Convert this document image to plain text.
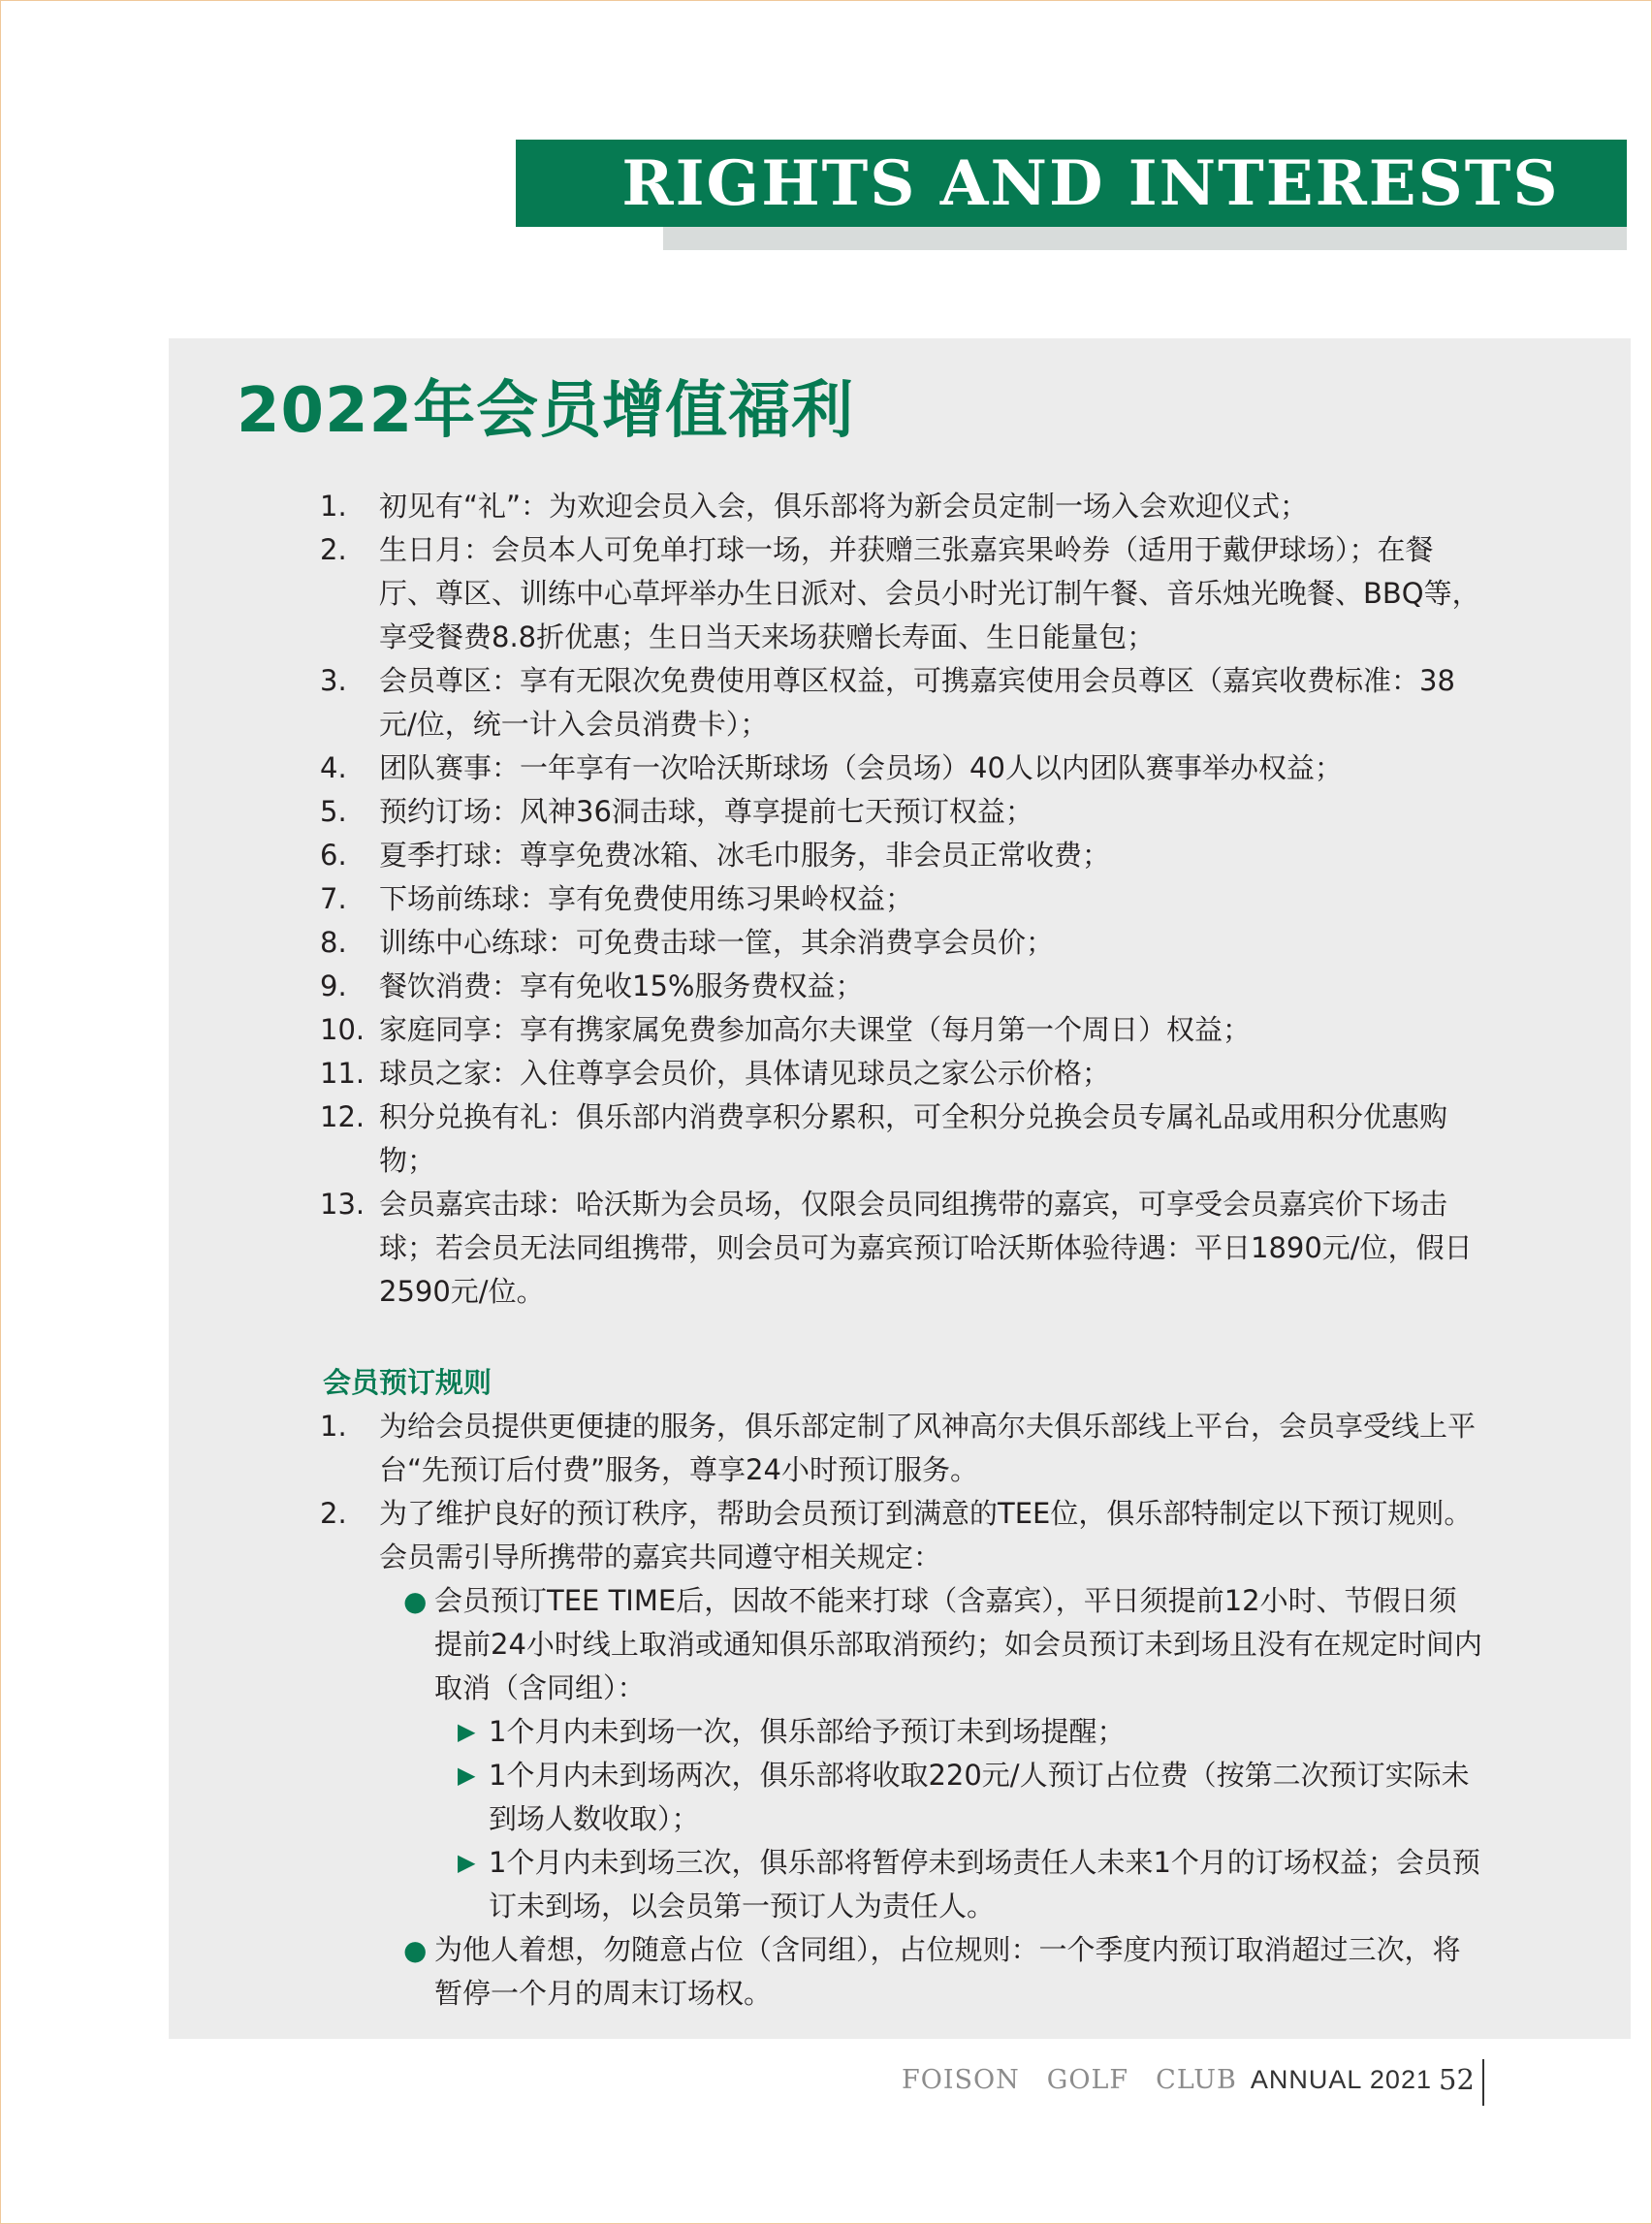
RIGHTS AND INTERESTS
2022年会员增值福利
1.	初见有“礼”：为欢迎会员入会，俱乐部将为新会员定制一场入会欢迎仪式；
2.	生日月：会员本人可免单打球一场，并获赠三张嘉宾果岭券（适用于戴伊球场）；在餐厅、尊区、训练中心草坪举办生日派对、会员小时光订制午餐、音乐烛光晚餐、BBQ等，享受餐费8.8折优惠；生日当天来场获赠长寿面、生日能量包；
3.	会员尊区：享有无限次免费使用尊区权益，可携嘉宾使用会员尊区（嘉宾收费标准：38元/位，统一计入会员消费卡）；
4.	团队赛事：一年享有一次哈沃斯球场（会员场）40人以内团队赛事举办权益；
5.	预约订场：风神36洞击球，尊享提前七天预订权益；
6.	夏季打球：尊享免费冰箱、冰毛巾服务，非会员正常收费；
7.	下场前练球：享有免费使用练习果岭权益；
8.	训练中心练球：可免费击球一筐，其余消费享会员价；
9.	餐饮消费：享有免收15%服务费权益；
10. 家庭同享：享有携家属免费参加高尔夫课堂（每月第一个周日）权益；
11. 球员之家：入住尊享会员价，具体请见球员之家公示价格；
12. 积分兑换有礼：俱乐部内消费享积分累积，可全积分兑换会员专属礼品或用积分优惠购物；
13. 会员嘉宾击球：哈沃斯为会员场，仅限会员同组携带的嘉宾，可享受会员嘉宾价下场击球；若会员无法同组携带，则会员可为嘉宾预订哈沃斯体验待遇：平日1890元/位，假日2590元/位。
会员预订规则
1.	为给会员提供更便捷的服务，俱乐部定制了风神高尔夫俱乐部线上平台，会员享受线上平台“先预订后付费”服务，尊享24小时预订服务。
2.	为了维护良好的预订秩序，帮助会员预订到满意的TEE位，俱乐部特制定以下预订规则。会员需引导所携带的嘉宾共同遵守相关规定：
● 会员预订TEE TIME后，因故不能来打球（含嘉宾），平日须提前12小时、节假日须提前24小时线上取消或通知俱乐部取消预约；如会员预订未到场且没有在规定时间内取消（含同组）：
▶ 1个月内未到场一次，俱乐部给予预订未到场提醒；
▶ 1个月内未到场两次，俱乐部将收取220元/人预订占位费（按第二次预订实际未到场人数收取）；
▶ 1个月内未到场三次，俱乐部将暂停未到场责任人未来1个月的订场权益；会员预订未到场，以会员第一预订人为责任人。
● 为他人着想，勿随意占位（含同组），占位规则：一个季度内预订取消超过三次，将暂停一个月的周末订场权。
FOISON GOLF CLUB ANNUAL 2021 52
